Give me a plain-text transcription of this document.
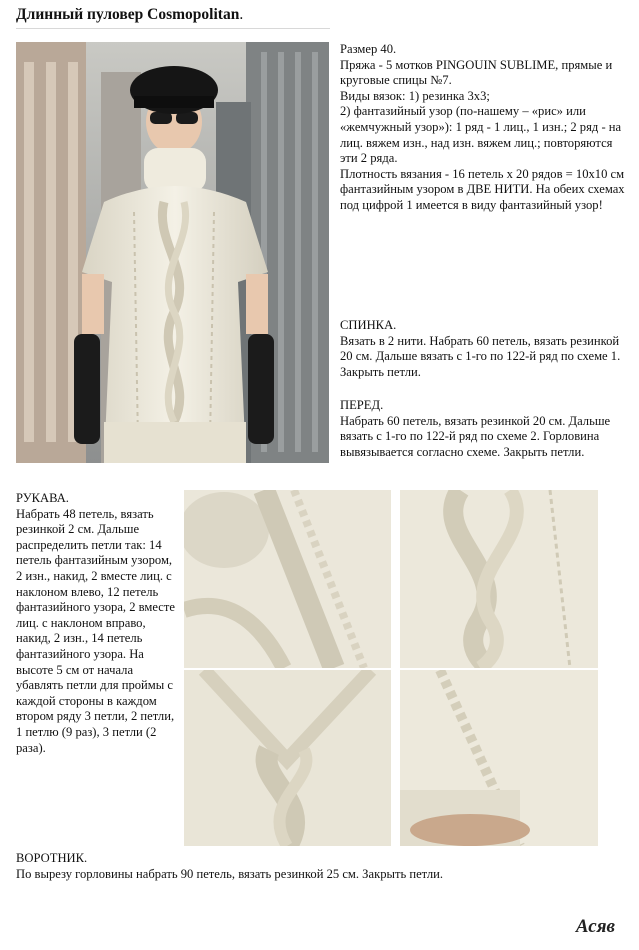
Длинный пуловер Cosmopolitan.

Размер 40.

Пряжа - 5 мотков PINGOUIN SUBLIME, прямые и круговые спицы №7.

Виды вязок: 1) резинка 3х3;

2) фантазийный узор (по-нашему – «рис» или «жемчужный узор»): 1 ряд - 1 лиц., 1 изн.; 2 ряд - на лиц. вяжем изн., над изн. вяжем лиц.; повторяются эти 2 ряда.

Плотность вязания - 16 петель х 20 рядов = 10х10 см фантазийным узором в ДВЕ НИТИ. На обеих схемах под цифрой 1 имеется в виду фантазийный узор!

СПИНКА.

Вязать в 2 нити. Набрать 60 петель, вязать резинкой 20 см. Дальше вязать с 1-го по 122-й ряд по схеме 1. Закрыть петли.

ПЕРЕД.

Набрать 60 петель, вязать резинкой 20 см. Дальше вязать с 1-го по 122-й ряд по схеме 2. Горловина вывязывается согласно схеме. Закрыть петли.

РУКАВА.

Набрать 48 петель, вязать резинкой 2 см. Дальше распределить петли так: 14 петель фантазийным узором, 2 изн., накид, 2 вместе лиц. с наклоном влево, 12 петель фантазийного узора, 2 вместе лиц. с наклоном вправо, накид, 2 изн., 14 петель фантазийного узора. На высоте 5 см от начала убавлять петли для проймы с каждой стороны в каждом втором ряду 3 петли, 2 петли, 1 петлю (9 раз), 3 петли (2 раза).

ВОРОТНИК.

По вырезу горловины набрать 90 петель, вязать резинкой 25 см. Закрыть петли.

Асяв
